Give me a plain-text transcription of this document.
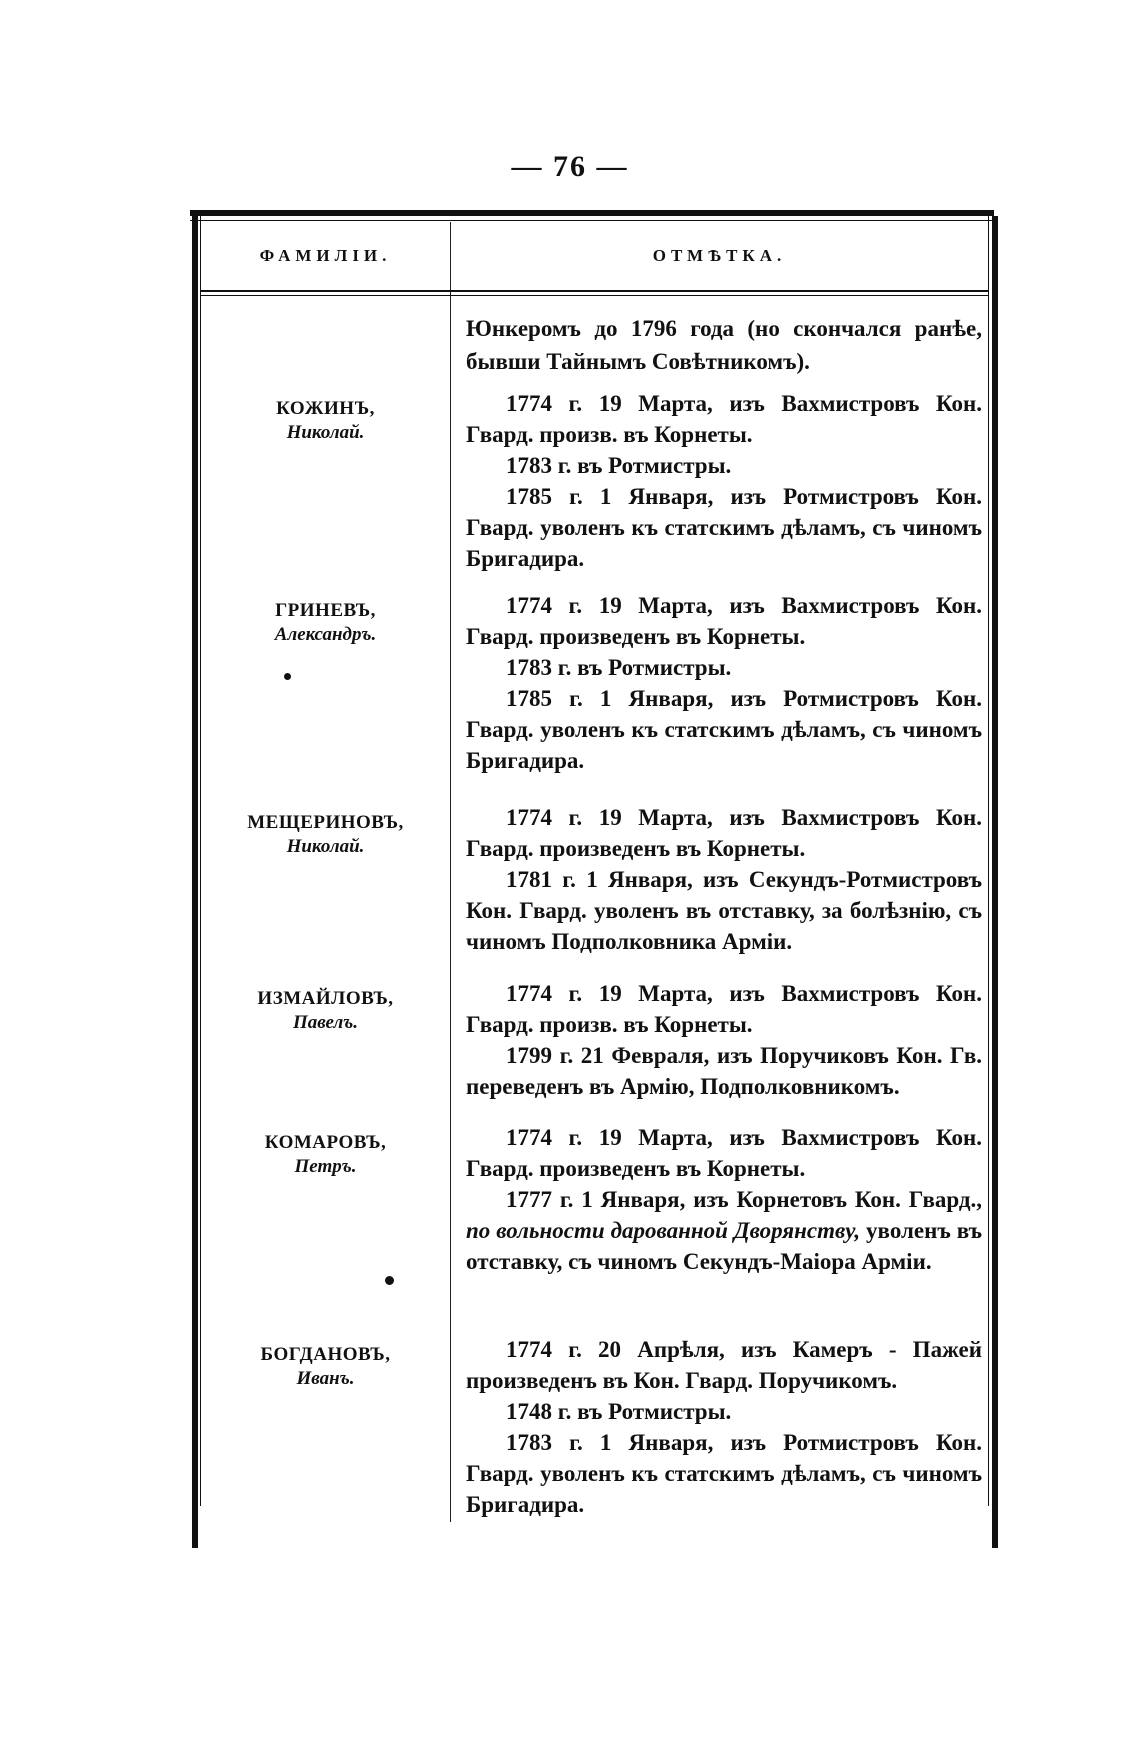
— 76 —
ФАМИЛІИ.	ОТМѢТКА.
Юнкеромъ до 1796 года (но скончался ранѣе, бывши Тайнымъ Совѣтникомъ).
КОЖИНЪ,
Николай.

1774 г. 19 Марта, изъ Вахмистровъ Кон. Гвард. произв. въ Корнеты.

1783 г. въ Ротмистры.

1785 г. 1 Января, изъ Ротмистровъ Кон. Гвард. уволенъ къ статскимъ дѣламъ, съ чиномъ Бригадира.

ГРИНЕВЪ,
Александръ.

1774 г. 19 Марта, изъ Вахмистровъ Кон. Гвард. произведенъ въ Корнеты.

1783 г. въ Ротмистры.

1785 г. 1 Января, изъ Ротмистровъ Кон. Гвард. уволенъ къ статскимъ дѣламъ, съ чиномъ Бригадира.

МЕЩЕРИНОВЪ,
Николай.

1774 г. 19 Марта, изъ Вахмистровъ Кон. Гвард. произведенъ въ Корнеты.

1781 г. 1 Января, изъ Секундъ-Ротмистровъ Кон. Гвард. уволенъ въ отставку, за болѣзнію, съ чиномъ Подполковника Арміи.

ИЗМАЙЛОВЪ,
Павелъ.

1774 г. 19 Марта, изъ Вахмистровъ Кон. Гвард. произв. въ Корнеты.

1799 г. 21 Февраля, изъ Поручиковъ Кон. Гв. переведенъ въ Армію, Подполковникомъ.

КОМАРОВЪ,
Петръ.

1774 г. 19 Марта, изъ Вахмистровъ Кон. Гвард. произведенъ въ Корнеты.

1777 г. 1 Января, изъ Корнетовъ Кон. Гвард., по вольности дарованной Дворянству, уволенъ въ отставку, съ чиномъ Секундъ-Маіора Арміи.

БОГДАНОВЪ,
Иванъ.

1774 г. 20 Апрѣля, изъ Камеръ - Пажей произведенъ въ Кон. Гвард. Поручикомъ.

1748 г. въ Ротмистры.

1783 г. 1 Января, изъ Ротмистровъ Кон. Гвард. уволенъ къ статскимъ дѣламъ, съ чиномъ Бригадира.
